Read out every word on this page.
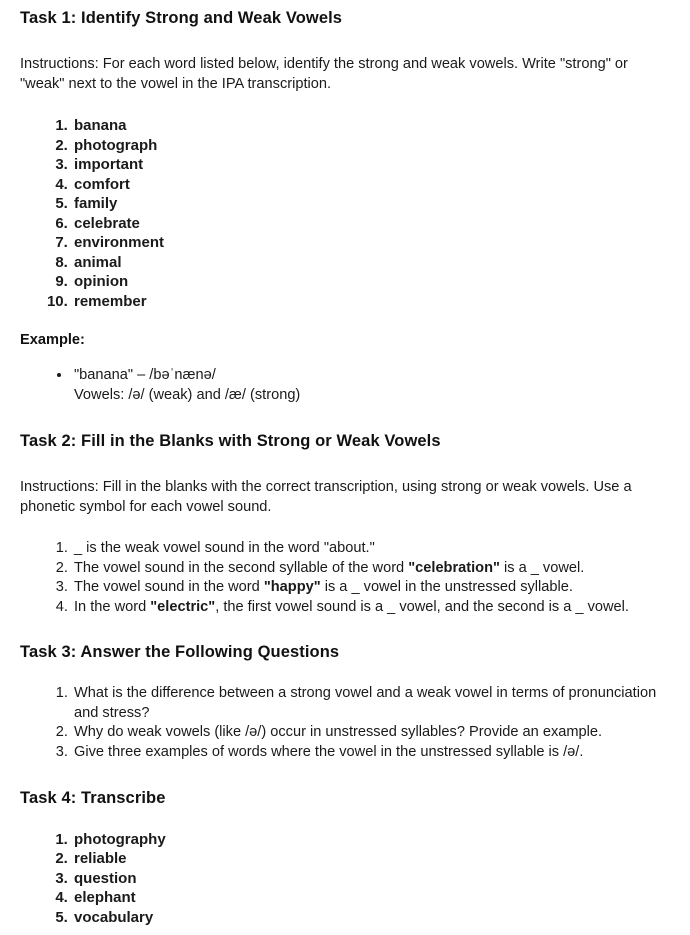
Task 1: Identify Strong and Weak Vowels

Instructions: For each word listed below, identify the strong and weak vowels. Write "strong" or "weak" next to the vowel in the IPA transcription.

1. banana
2. photograph
3. important
4. comfort
5. family
6. celebrate
7. environment
8. animal
9. opinion
10. remember

Example:

• "banana" – /bəˈnænə/
Vowels: /ə/ (weak) and /æ/ (strong)
Task 2: Fill in the Blanks with Strong or Weak Vowels

Instructions: Fill in the blanks with the correct transcription, using strong or weak vowels. Use a phonetic symbol for each vowel sound.

1. _ is the weak vowel sound in the word "about."
2. The vowel sound in the second syllable of the word "celebration" is a _ vowel.
3. The vowel sound in the word "happy" is a _ vowel in the unstressed syllable.
4. In the word "electric", the first vowel sound is a _ vowel, and the second is a _ vowel.
Task 3: Answer the Following Questions
1. What is the difference between a strong vowel and a weak vowel in terms of pronunciation and stress?
2. Why do weak vowels (like /ə/) occur in unstressed syllables? Provide an example.
3. Give three examples of words where the vowel in the unstressed syllable is /ə/.
Task 4: Transcribe
1. photography
2. reliable
3. question
4. elephant
5. vocabulary
